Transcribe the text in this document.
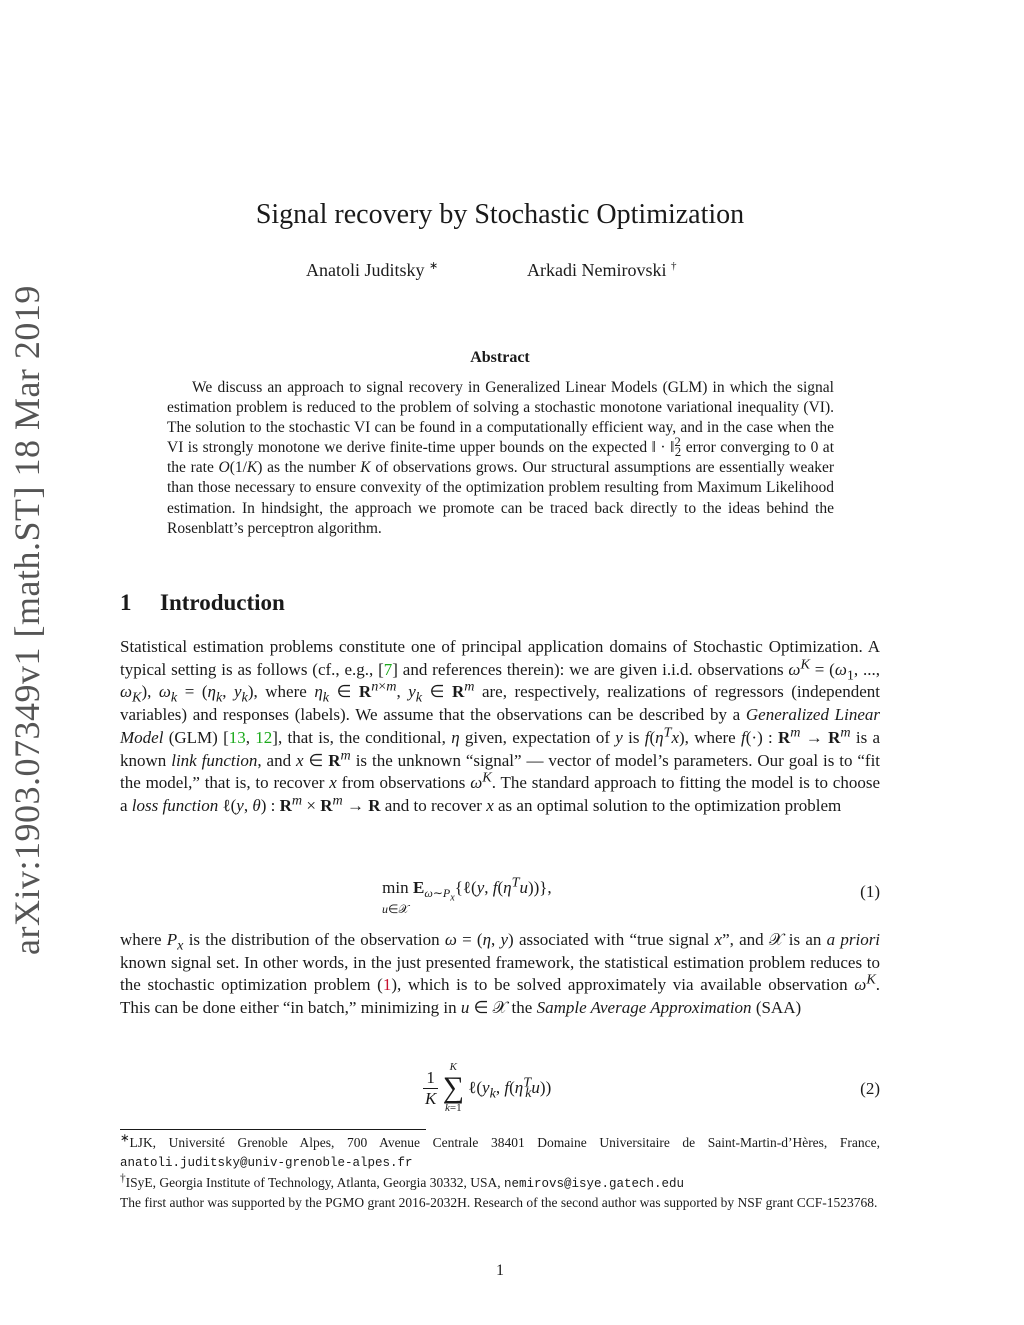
arXiv:1903.07349v1 [math.ST] 18 Mar 2019
Signal recovery by Stochastic Optimization
Anatoli Juditsky ∗	Arkadi Nemirovski †
Abstract
We discuss an approach to signal recovery in Generalized Linear Models (GLM) in which the signal estimation problem is reduced to the problem of solving a stochastic monotone variational inequality (VI). The solution to the stochastic VI can be found in a computationally efficient way, and in the case when the VI is strongly monotone we derive finite-time upper bounds on the expected ‖ · ‖$^2_2$ error converging to 0 at the rate O(1/K) as the number K of observations grows. Our structural assumptions are essentially weaker than those necessary to ensure convexity of the optimization problem resulting from Maximum Likelihood estimation. In hindsight, the approach we promote can be traced back directly to the ideas behind the Rosenblatt’s perceptron algorithm.
1 Introduction
Statistical estimation problems constitute one of principal application domains of Stochastic Optimization. A typical setting is as follows (cf., e.g., [7] and references therein): we are given i.i.d. observations $\omega^K = (\omega_1$, ..., $\omega_K$), $\omega_k = (\eta_k$, $y_k$), where $\eta_k$ ∈ $R^{n\times m}$, $y_k$ ∈ $R^m$ are, respectively, realizations of regressors (independent variables) and responses (labels). We assume that the observations can be described by a Generalized Linear Model (GLM) [13, 12], that is, the conditional, η given, expectation of y is $f(\eta^Tx)$, where f(·) : $R^m \to R^m$ is a known link function, and x ∈ $R^m$ is the unknown “signal” — vector of model’s parameters. Our goal is to “fit the model,” that is, to recover x from observations $\omega^K$. The standard approach to fitting the model is to choose a loss function ℓ(y, θ) : $R^m \times R^m \to R$ and to recover x as an optimal solution to the optimization problem
min
u∈𝒳 $E_{\omega\sim P_x}\{\ell(y$, $f(\eta^Tu)$)},	(1)
where $P_x$ is the distribution of the observation ω = (η, y) associated with “true signal x”, and 𝒳 is an a priori known signal set. In other words, in the just presented framework, the statistical estimation problem reduces to the stochastic optimization problem (1), which is to be solved approximately via available observation $\omega^K$. This can be done either “in batch,” minimizing in u ∈ 𝒳 the Sample Average Approximation (SAA)
$\frac{1}{K}$

K
∑
k=1
$\ell(y_k$, $f(\eta^T_ku)$)	(2)
∗LJK, Université Grenoble Alpes, 700 Avenue Centrale 38401 Domaine Universitaire de Saint-Martin-d’Hères, France, anatoli.juditsky@univ-grenoble-alpes.fr
†ISyE, Georgia Institute of Technology, Atlanta, Georgia 30332, USA, nemirovs@isye.gatech.edu
The first author was supported by the PGMO grant 2016-2032H. Research of the second author was supported by NSF grant CCF-1523768.
1
